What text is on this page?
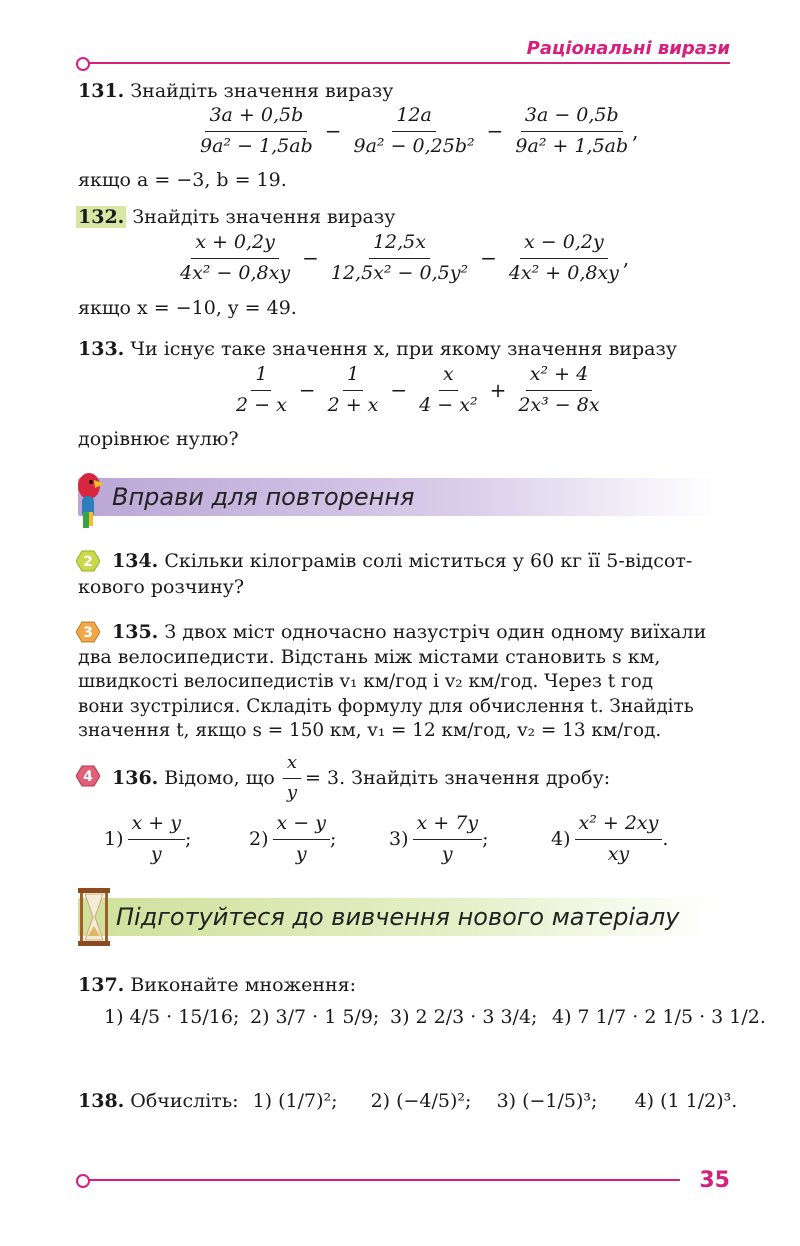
Раціональні вирази
131. Знайдіть значення виразу
$\frac{3a + 0,5b}{\text{9a² − 1,5ab}} - \frac{12a}{\text{9a² − 0,25b²}} - \frac{3a - 0,5b}{\text{9a² + 1,5ab}}$ ,
якщо a = −3, b = 19.
132. Знайдіть значення виразу
$\frac{x + 0,2y}{\text{4x² − 0,8xy}} - \frac{12,5x}{\text{12,5x² − 0,5y²}} - \frac{x - 0,2y}{\text{4x² + 0,8xy}}$ ,
якщо x = −10, y = 49.
133. Чи існує таке значення x, при якому значення виразу
$\frac{1}{2 - x} - \frac{1}{2 + x} - \frac{x}{\text{4 − x²}} + \frac{\text{x² + 4}}{\text{2x³ − 8x}}$
дорівнює нулю?
Вправи для повторення
2 134. Скільки кілограмів солі міститься у 60 кг її 5-відсот-
кового розчину?
3 135. З двох міст одночасно назустріч один одному виїхали
два велосипедисти. Відстань між містами становить s км,
швидкості велосипедистів v₁ км/год і v₂ км/год. Через t год
вони зустрілися. Складіть формулу для обчислення t. Знайдіть
значення t, якщо s = 150 км, v₁ = 12 км/год, v₂ = 13 км/год.
4 136. Відомо, що $\frac{x}{y} = 3$. Знайдіть значення дробу:
$1) \frac{x + y}{y}$ ;	$2) \frac{x - y}{y}$ ;	$3) \frac{x + 7y}{y}$ ;	$4) \frac{\text{x² + 2xy}}{xy}$ .
Підготуйтеся до вивчення нового матеріалу
137. Виконайте множення:
1) 4/5 · 15/16; 2) 3/7 · 1 5/9; 3) 2 2/3 · 3 3/4; 4) 7 1/7 · 2 1/5 · 3 1/2.
138. Обчисліть: 1) (1/7)²; 2) (−4/5)²; 3) (−1/5)³; 4) (1 1/2)³.
35
